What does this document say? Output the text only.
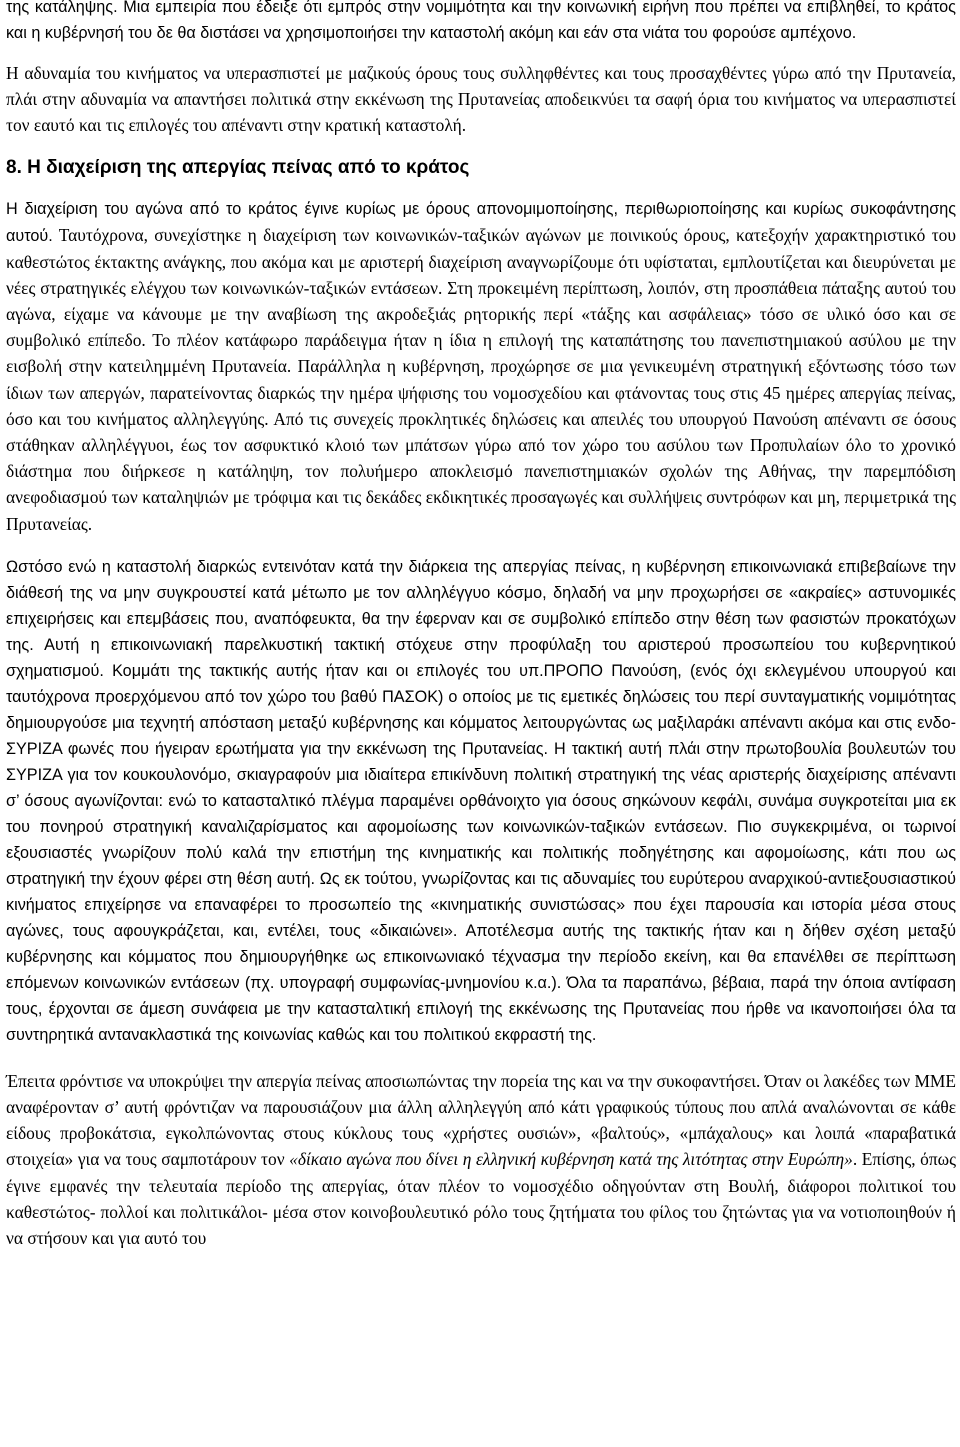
της κατάληψης. Μια εμπειρία που έδειξε ότι εμπρός στην νομιμότητα και την κοινωνική ειρήνη που πρέπει να επιβληθεί, το κράτος και η κυβέρνησή του δε θα διστάσει να χρησιμοποιήσει την καταστολή ακόμη και εάν στα νιάτα του φορούσε αμπέχονο.

Η αδυναμία του κινήματος να υπερασπιστεί με μαζικούς όρους τους συλληφθέντες και τους προσαχθέντες γύρω από την Πρυτανεία, πλάι στην αδυναμία να απαντήσει πολιτικά στην εκκένωση της Πρυτανείας αποδεικνύει τα σαφή όρια του κινήματος να υπερασπιστεί τον εαυτό και τις επιλογές του απέναντι στην κρατική καταστολή.

8. Η διαχείριση της απεργίας πείνας από το κράτος

Η διαχείριση του αγώνα από το κράτος έγινε κυρίως με όρους απονομιμοποίησης, περιθωριοποίησης και κυρίως συκοφάντησης αυτού. Ταυτόχρονα, συνεχίστηκε η διαχείριση των κοινωνικών-ταξικών αγώνων με ποινικούς όρους, κατεξοχήν χαρακτηριστικό του καθεστώτος έκτακτης ανάγκης, που ακόμα και με αριστερή διαχείριση αναγνωρίζουμε ότι υφίσταται, εμπλουτίζεται και διευρύνεται με νέες στρατηγικές ελέγχου των κοινωνικών-ταξικών εντάσεων. Στη προκειμένη περίπτωση, λοιπόν, στη προσπάθεια πάταξης αυτού του αγώνα, είχαμε να κάνουμε με την αναβίωση της ακροδεξιάς ρητορικής περί «τάξης και ασφάλειας» τόσο σε υλικό όσο και σε συμβολικό επίπεδο. Το πλέον κατάφωρο παράδειγμα ήταν η ίδια η επιλογή της καταπάτησης του πανεπιστημιακού ασύλου με την εισβολή στην κατειλημμένη Πρυτανεία. Παράλληλα η κυβέρνηση, προχώρησε σε μια γενικευμένη στρατηγική εξόντωσης τόσο των ίδιων των απεργών, παρατείνοντας διαρκώς την ημέρα ψήφισης του νομοσχεδίου και φτάνοντας τους στις 45 ημέρες απεργίας πείνας, όσο και του κινήματος αλληλεγγύης. Από τις συνεχείς προκλητικές δηλώσεις και απειλές του υπουργού Πανούση απέναντι σε όσους στάθηκαν αλληλέγγυοι, έως τον ασφυκτικό κλοιό των μπάτσων γύρω από τον χώρο του ασύλου των Προπυλαίων όλο το χρονικό διάστημα που διήρκεσε η κατάληψη, τον πολυήμερο αποκλεισμό πανεπιστημιακών σχολών της Αθήνας, την παρεμπόδιση ανεφοδιασμού των καταληψιών με τρόφιμα και τις δεκάδες εκδικητικές προσαγωγές και συλλήψεις συντρόφων και μη, περιμετρικά της Πρυτανείας.

Ωστόσο ενώ η καταστολή διαρκώς εντεινόταν κατά την διάρκεια της απεργίας πείνας, η κυβέρνηση επικοινωνιακά επιβεβαίωνε την διάθεσή της να μην συγκρουστεί κατά μέτωπο με τον αλληλέγγυο κόσμο, δηλαδή να μην προχωρήσει σε «ακραίες» αστυνομικές επιχειρήσεις και επεμβάσεις που, αναπόφευκτα, θα την έφερναν και σε συμβολικό επίπεδο στην θέση των φασιστών προκατόχων της. Αυτή η επικοινωνιακή παρελκυστική τακτική στόχευε στην προφύλαξη του αριστερού προσωπείου του κυβερνητικού σχηματισμού. Κομμάτι της τακτικής αυτής ήταν και οι επιλογές του υπ.ΠΡΟΠΟ Πανούση, (ενός όχι εκλεγμένου υπουργού και ταυτόχρονα προερχόμενου από τον χώρο του βαθύ ΠΑΣΟΚ) ο οποίος με τις εμετικές δηλώσεις του περί συνταγματικής νομιμότητας δημιουργούσε μια τεχνητή απόσταση μεταξύ κυβέρνησης και κόμματος λειτουργώντας ως μαξιλαράκι απέναντι ακόμα και στις ενδο-ΣΥΡΙΖΑ φωνές που ήγειραν ερωτήματα για την εκκένωση της Πρυτανείας. Η τακτική αυτή πλάι στην πρωτοβουλία βουλευτών του ΣΥΡΙΖΑ για τον κουκουλονόμο, σκιαγραφούν μια ιδιαίτερα επικίνδυνη πολιτική στρατηγική της νέας αριστερής διαχείρισης απέναντι σ’ όσους αγωνίζονται: ενώ το κατασταλτικό πλέγμα παραμένει ορθάνοιχτο για όσους σηκώνουν κεφάλι, συνάμα συγκροτείται μια εκ του πονηρού στρατηγική καναλιζαρίσματος και αφομοίωσης των κοινωνικών-ταξικών εντάσεων. Πιο συγκεκριμένα, οι τωρινοί εξουσιαστές γνωρίζουν πολύ καλά την επιστήμη της κινηματικής και πολιτικής ποδηγέτησης και αφομοίωσης, κάτι που ως στρατηγική την έχουν φέρει στη θέση αυτή. Ως εκ τούτου, γνωρίζοντας και τις αδυναμίες του ευρύτερου αναρχικού-αντιεξουσιαστικού κινήματος επιχείρησε να επαναφέρει το προσωπείο της «κινηματικής συνιστώσας» που έχει παρουσία και ιστορία μέσα στους αγώνες, τους αφουγκράζεται, και, εντέλει, τους «δικαιώνει». Αποτέλεσμα αυτής της τακτικής ήταν και η δήθεν σχέση μεταξύ κυβέρνησης και κόμματος που δημιουργήθηκε ως επικοινωνιακό τέχνασμα την περίοδο εκείνη, και θα επανέλθει σε περίπτωση επόμενων κοινωνικών εντάσεων (πχ. υπογραφή συμφωνίας-μνημονίου κ.α.). Όλα τα παραπάνω, βέβαια, παρά την όποια αντίφαση τους, έρχονται σε άμεση συνάφεια με την κατασταλτική επιλογή της εκκένωσης της Πρυτανείας που ήρθε να ικανοποιήσει όλα τα συντηρητικά αντανακλαστικά της κοινωνίας καθώς και του πολιτικού εκφραστή της.

Έπειτα φρόντισε να υποκρύψει την απεργία πείνας αποσιωπώντας την πορεία της και να την συκοφαντήσει. Όταν οι λακέδες των ΜΜΕ αναφέρονταν σ’ αυτή φρόντιζαν να παρουσιάζουν μια άλλη αλληλεγγύη από κάτι γραφικούς τύπους που απλά αναλώνονται σε κάθε είδους προβοκάτσια, εγκολπώνοντας στους κύκλους τους «χρήστες ουσιών», «βαλτούς», «μπάχαλους» και λοιπά «παραβατικά στοιχεία» για να τους σαμποτάρουν τον «δίκαιο αγώνα που δίνει η ελληνική κυβέρνηση κατά της λιτότητας στην Ευρώπη». Επίσης, όπως έγινε εμφανές την τελευταία περίοδο της απεργίας, όταν πλέον το νομοσχέδιο οδηγούνταν στη Βουλή, διάφοροι πολιτικοί του καθεστώτος- πολλοί και πολιτικάλοι- μέσα στον κοινοβουλευτικό ρόλο τους ζητήματα του φίλος του ζητώντας για να νοτιοποιηθούν ή να στήσουν και για αυτό του
